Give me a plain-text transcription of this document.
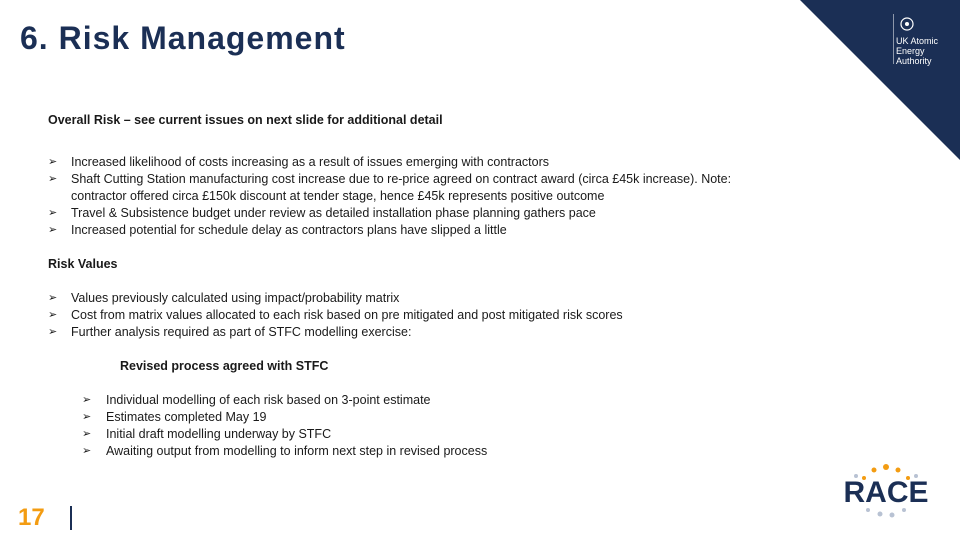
6. Risk Management	UK Atomic
Energy
Authority

Overall Risk – see current issues on next slide for additional detail

➢ Increased likelihood of costs increasing as a result of issues emerging with contractors
➢ Shaft Cutting Station manufacturing cost increase due to re-price agreed on contract award (circa £45k increase). Note: contractor offered circa £150k discount at tender stage, hence £45k represents positive outcome
➢ Travel & Subsistence budget under review as detailed installation phase planning gathers pace
➢ Increased potential for schedule delay as contractors plans have slipped a little

Risk Values

➢ Values previously calculated using impact/probability matrix
➢ Cost from matrix values allocated to each risk based on pre mitigated and post mitigated risk scores
➢ Further analysis required as part of STFC modelling exercise:

Revised process agreed with STFC

➢ Individual modelling of each risk based on 3-point estimate
➢ Estimates completed May 19
➢ Initial draft modelling underway by STFC
➢ Awaiting output from modelling to inform next step in revised process
17
RACE
